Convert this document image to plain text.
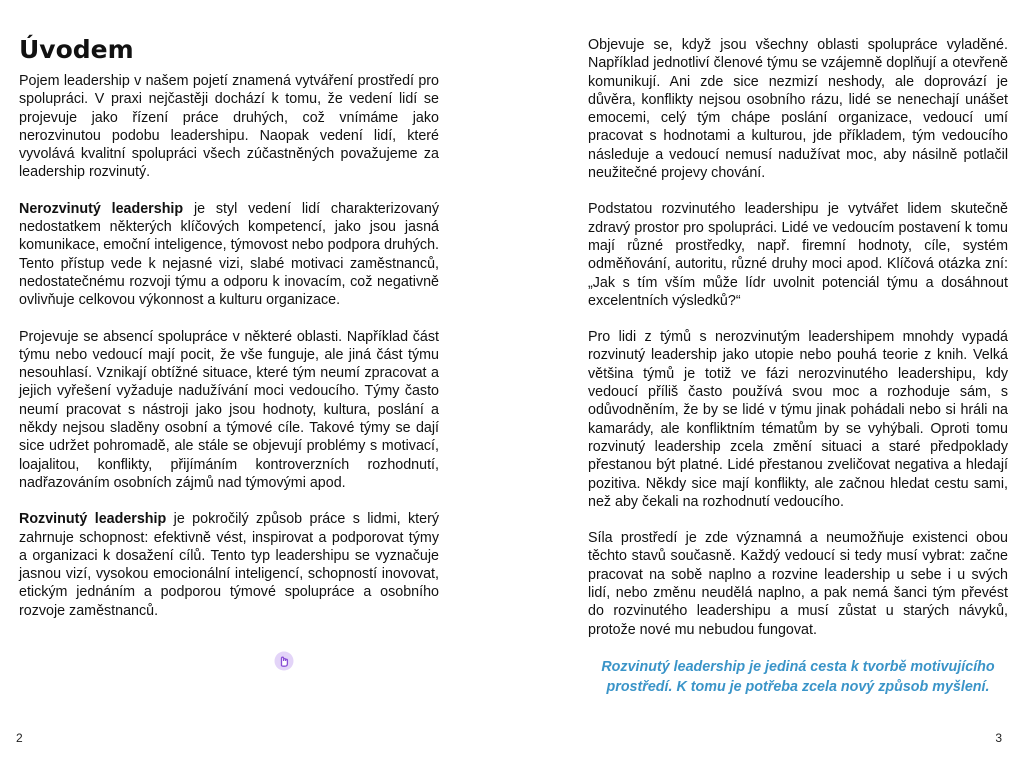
Úvodem

Pojem leadership v našem pojetí znamená vytváření prostředí pro spolupráci. V praxi nejčastěji dochází k tomu, že vedení lidí se projevuje jako řízení práce druhých, což vnímáme jako nerozvinutou podobu leadershipu. Naopak vedení lidí, které vyvolává kvalitní spolupráci všech zúčastněných považujeme za leadership rozvinutý.

Nerozvinutý leadership je styl vedení lidí charakterizovaný nedostatkem některých klíčových kompetencí, jako jsou jasná komunikace, emoční inteligence, týmovost nebo podpora druhých. Tento přístup vede k nejasné vizi, slabé motivaci zaměstnanců, nedostatečnému rozvoji týmu a odporu k inovacím, což negativně ovlivňuje celkovou výkonnost a kulturu organizace.

Projevuje se absencí spolupráce v některé oblasti. Například část týmu nebo vedoucí mají pocit, že vše funguje, ale jiná část týmu nesouhlasí. Vznikají obtížné situace, které tým neumí zpracovat a jejich vyřešení vyžaduje nadužívání moci vedoucího. Týmy často neumí pracovat s nástroji jako jsou hodnoty, kultura, poslání a někdy nejsou sladěny osobní a týmové cíle. Takové týmy se dají sice udržet pohromadě, ale stále se objevují problémy s motivací, loajalitou, konflikty, přijímáním kontroverzních rozhodnutí, nadřazováním osobních zájmů nad týmovými apod.

Rozvinutý leadership je pokročilý způsob práce s lidmi, který zahrnuje schopnost: efektivně vést, inspirovat a podporovat týmy a organizaci k dosažení cílů. Tento typ leadershipu se vyznačuje jasnou vizí, vysokou emocionální inteligencí, schopností inovovat, etickým jednáním a podporou týmové spolupráce a osobního rozvoje zaměstnanců.

2

Objevuje se, když jsou všechny oblasti spolupráce vyladěné. Například jednotliví členové týmu se vzájemně doplňují a otevřeně komunikují. Ani zde sice nezmizí neshody, ale doprovází je důvěra, konflikty nejsou osobního rázu, lidé se nenechají unášet emocemi, celý tým chápe poslání organizace, vedoucí umí pracovat s hodnotami a kulturou, jde příkladem, tým vedoucího následuje a vedoucí nemusí nadužívat moc, aby násilně potlačil neužitečné projevy chování.

Podstatou rozvinutého leadershipu je vytvářet lidem skutečně zdravý prostor pro spolupráci. Lidé ve vedoucím postavení k tomu mají různé prostředky, např. firemní hodnoty, cíle, systém odměňování, autoritu, různé druhy moci apod. Klíčová otázka zní: „Jak s tím vším může lídr uvolnit potenciál týmu a dosáhnout excelentních výsledků?“

Pro lidi z týmů s nerozvinutým leadershipem mnohdy vypadá rozvinutý leadership jako utopie nebo pouhá teorie z knih. Velká většina týmů je totiž ve fázi nerozvinutého leadershipu, kdy vedoucí příliš často používá svou moc a rozhoduje sám, s odůvodněním, že by se lidé v týmu jinak pohádali nebo si hráli na kamarády, ale konfliktním tématům by se vyhýbali. Oproti tomu rozvinutý leadership zcela změní situaci a staré předpoklady přestanou být platné. Lidé přestanou zveličovat negativa a hledají pozitiva. Někdy sice mají konflikty, ale začnou hledat cestu sami, než aby čekali na rozhodnutí vedoucího.

Síla prostředí je zde významná a neumožňuje existenci obou těchto stavů současně. Každý vedoucí si tedy musí vybrat: začne pracovat na sobě naplno a rozvine leadership u sebe i u svých lidí, nebo změnu neudělá naplno, a pak nemá šanci tým převést do rozvinutého leadershipu a musí zůstat u starých návyků, protože nové mu nebudou fungovat.

Rozvinutý leadership je jediná cesta k tvorbě motivujícího prostředí. K tomu je potřeba zcela nový způsob myšlení.
3
